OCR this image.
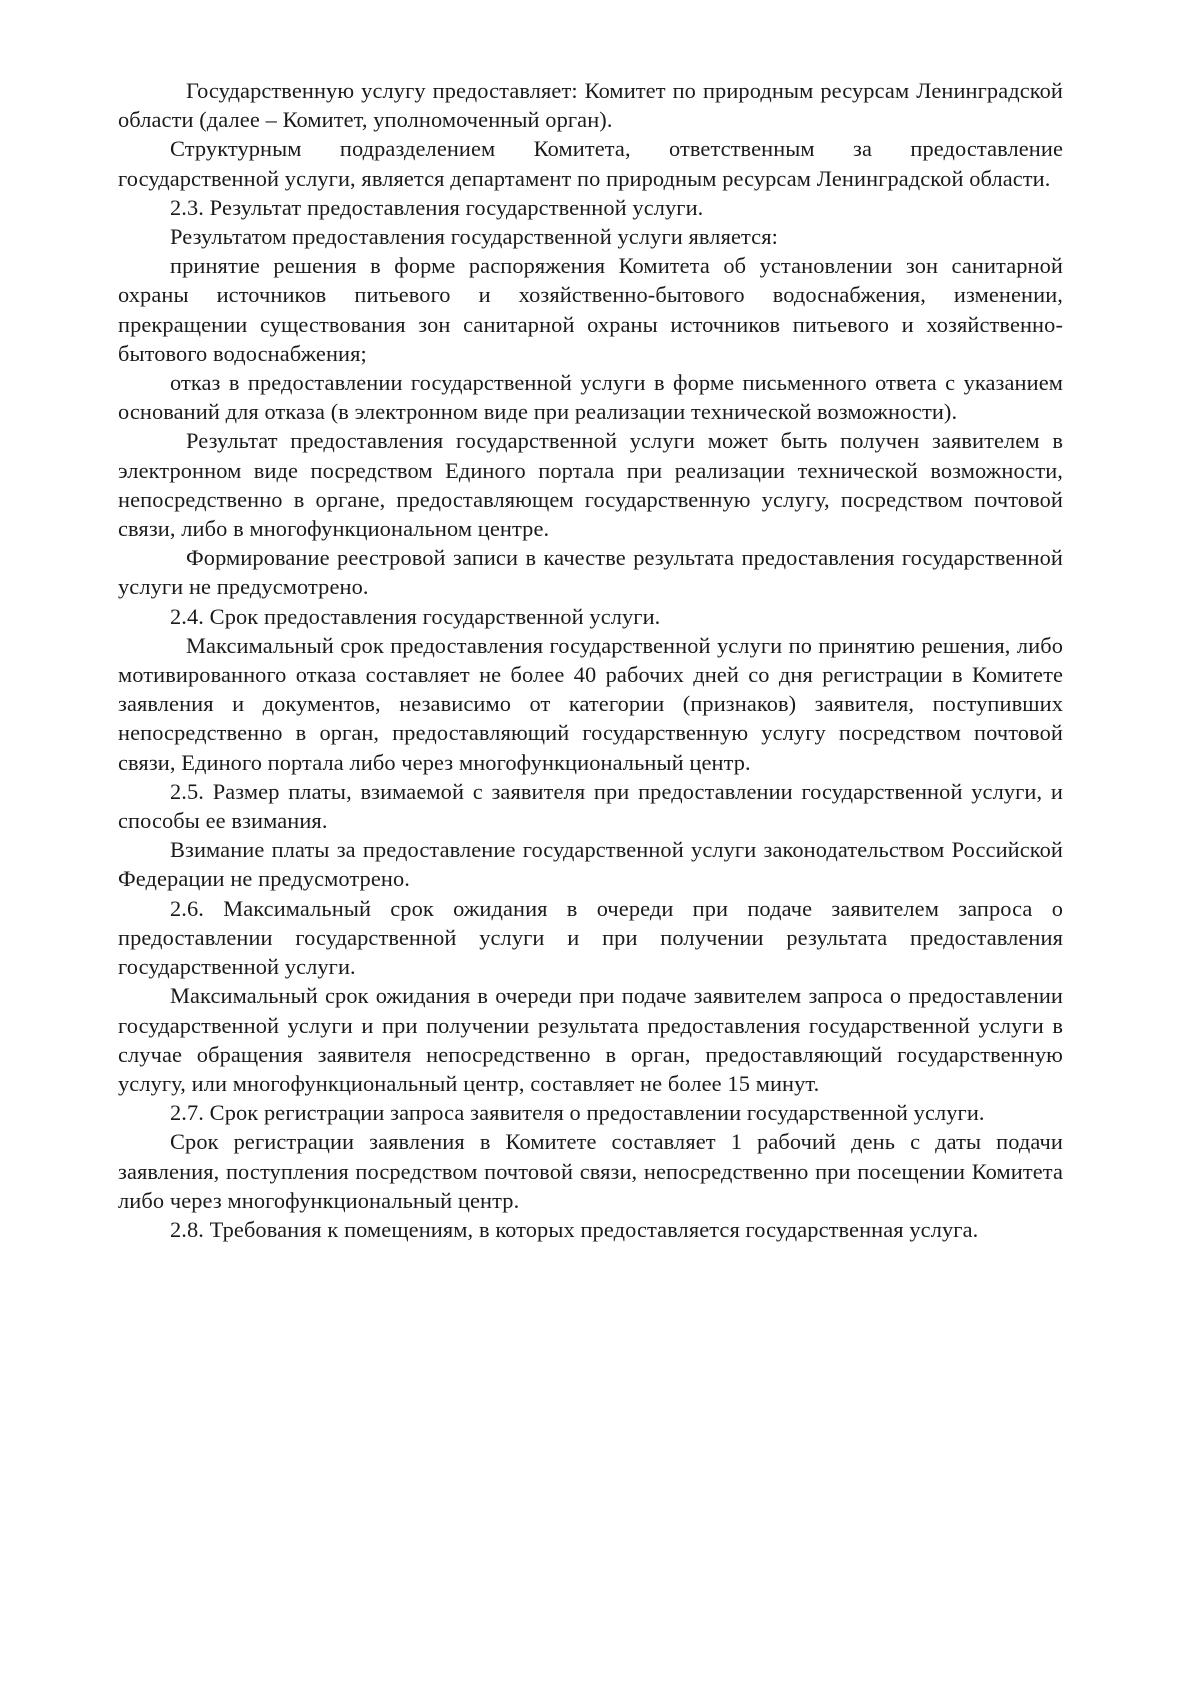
Государственную услугу предоставляет: Комитет по природным ресурсам Ленинградской области (далее – Комитет, уполномоченный орган).

Структурным подразделением Комитета, ответственным за предоставление государственной услуги, является департамент по природным ресурсам Ленинградской области.

2.3. Результат предоставления государственной услуги.

Результатом предоставления государственной услуги является:

принятие решения в форме распоряжения Комитета об установлении зон санитарной охраны источников питьевого и хозяйственно-бытового водоснабжения, изменении, прекращении существования зон санитарной охраны источников питьевого и хозяйственно-бытового водоснабжения;

отказ в предоставлении государственной услуги в форме письменного ответа с указанием оснований для отказа (в электронном виде при реализации технической возможности).

Результат предоставления государственной услуги может быть получен заявителем в электронном виде посредством Единого портала при реализации технической возможности, непосредственно в органе, предоставляющем государственную услугу, посредством почтовой связи, либо в многофункциональном центре.

Формирование реестровой записи в качестве результата предоставления государственной услуги не предусмотрено.

2.4. Срок предоставления государственной услуги.

Максимальный срок предоставления государственной услуги по принятию решения, либо мотивированного отказа составляет не более 40 рабочих дней со дня регистрации в Комитете заявления и документов, независимо от категории (признаков) заявителя, поступивших непосредственно в орган, предоставляющий государственную услугу посредством почтовой связи, Единого портала либо через многофункциональный центр.

2.5. Размер платы, взимаемой с заявителя при предоставлении государственной услуги, и способы ее взимания.

Взимание платы за предоставление государственной услуги законодательством Российской Федерации не предусмотрено.

2.6. Максимальный срок ожидания в очереди при подаче заявителем запроса о предоставлении государственной услуги и при получении результата предоставления государственной услуги.

Максимальный срок ожидания в очереди при подаче заявителем запроса о предоставлении государственной услуги и при получении результата предоставления государственной услуги в случае обращения заявителя непосредственно в орган, предоставляющий государственную услугу, или многофункциональный центр, составляет не более 15 минут.

2.7. Срок регистрации запроса заявителя о предоставлении государственной услуги.

Срок регистрации заявления в Комитете составляет 1 рабочий день с даты подачи заявления, поступления посредством почтовой связи, непосредственно при посещении Комитета либо через многофункциональный центр.

2.8. Требования к помещениям, в которых предоставляется государственная услуга.
